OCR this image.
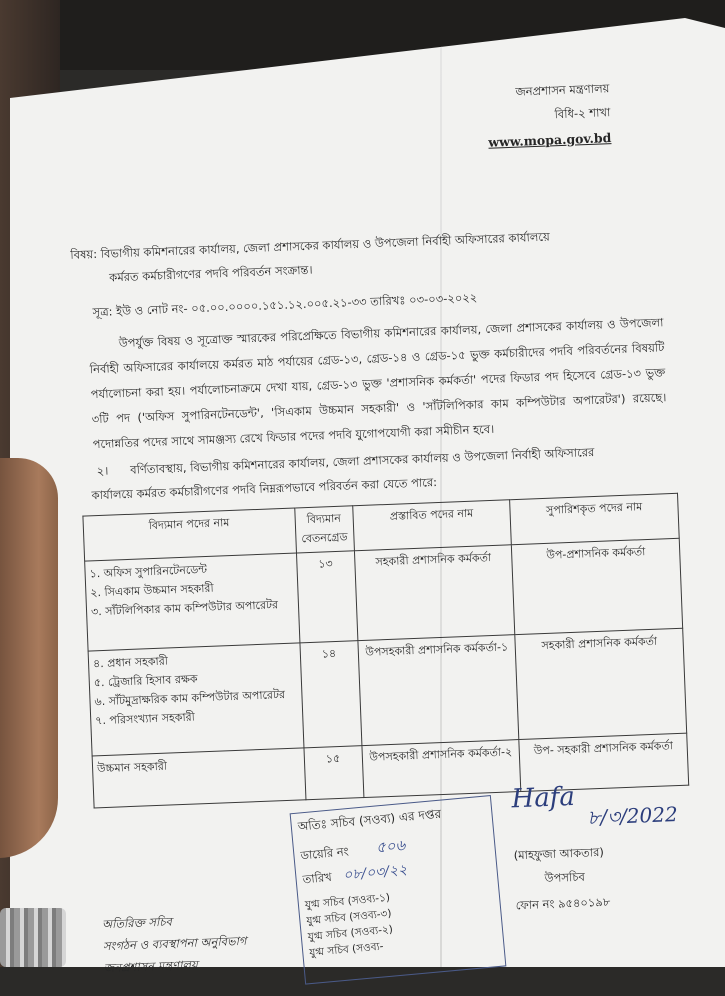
জনপ্রশাসন মন্ত্রণালয়
বিধি-২ শাখা
www.mopa.gov.bd
বিষয়: বিভাগীয় কমিশনারের কার্যালয়, জেলা প্রশাসকের কার্যালয় ও উপজেলা নির্বাহী অফিসারের কার্যালয়ে
কর্মরত কর্মচারীগণের পদবি পরিবর্তন সংক্রান্ত।
সূত্র: ইউ ও নোট নং- ০৫.০০.০০০০.১৫১.১২.০০৫.২১-৩৩ তারিখঃ ০৩-০৩-২০২২
উপর্যুক্ত বিষয় ও সূত্রোক্ত স্মারকের পরিপ্রেক্ষিতে বিভাগীয় কমিশনারের কার্যালয়, জেলা প্রশাসকের কার্যালয় ও উপজেলা নির্বাহী অফিসারের কার্যালয়ে কর্মরত মাঠ পর্যায়ের গ্রেড-১৩, গ্রেড-১৪ ও গ্রেড-১৫ ভুক্ত কর্মচারীদের পদবি পরিবর্তনের বিষয়টি পর্যালোচনা করা হয়। পর্যালোচনাক্রমে দেখা যায়, গ্রেড-১৩ ভুক্ত 'প্রশাসনিক কর্মকর্তা' পদের ফিডার পদ হিসেবে গ্রেড-১৩ ভুক্ত ৩টি পদ ('অফিস সুপারিনটেনডেন্ট', 'সিএকাম উচ্চমান সহকারী' ও 'সাঁটলিপিকার কাম কম্পিউটার অপারেটর') রয়েছে। পদোন্নতির পদের সাথে সামঞ্জস্য রেখে ফিডার পদের পদবি যুগোপযোগী করা সমীচীন হবে।
২। বর্ণিতাবস্থায়, বিভাগীয় কমিশনারের কার্যালয়, জেলা প্রশাসকের কার্যালয় ও উপজেলা নির্বাহী অফিসারের
কার্যালয়ে কর্মরত কর্মচারীগণের পদবি নিম্নরূপভাবে পরিবর্তন করা যেতে পারে:
বিদ্যমান পদের নাম	বিদ্যমান বেতনগ্রেড	প্রস্তাবিত পদের নাম	সুপারিশকৃত পদের নাম

১. অফিস সুপারিনটেনডেন্ট
২. সিএকাম উচ্চমান সহকারী
৩. সাঁটলিপিকার কাম কম্পিউটার অপারেটর	১৩	সহকারী প্রশাসনিক কর্মকর্তা	উপ-প্রশাসনিক কর্মকর্তা

৪. প্রধান সহকারী
৫. ট্রেজারি হিসাব রক্ষক
৬. সাঁটমুদ্রাক্ষরিক কাম কম্পিউটার অপারেটর
৭. পরিসংখ্যান সহকারী	১৪	উপসহকারী প্রশাসনিক কর্মকর্তা-১	সহকারী প্রশাসনিক কর্মকর্তা

উচ্চমান সহকারী	১৫	উপসহকারী প্রশাসনিক কর্মকর্তা-২	উপ- সহকারী প্রশাসনিক কর্মকর্তা
অতিঃ সচিব (সওব্য) এর দপ্তর
ডায়েরি নং ৫০৬
তারিখ ০৮/০৩/২২
যুগ্ম সচিব (সওব্য-১)
যুগ্ম সচিব (সওব্য-৩)
যুগ্ম সচিব (সওব্য-২)
যুগ্ম সচিব (সওব্য-
Hafa
৮/৩/2022
(মাহফুজা আকতার)
উপসচিব
ফোন নং ৯৫৪০১৯৮
অতিরিক্ত সচিব
সংগঠন ও ব্যবস্থাপনা অনুবিভাগ
জনপ্রশাসন মন্ত্রণালয়
